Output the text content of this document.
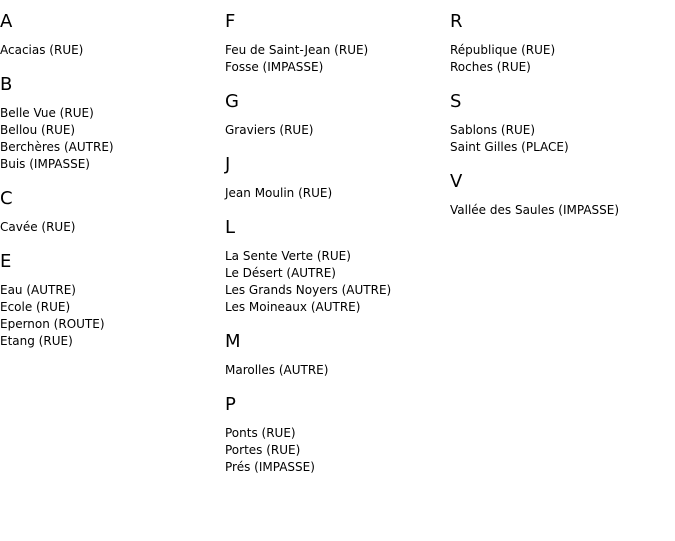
A
Acacias (RUE)
B
Belle Vue (RUE)
Bellou (RUE)
Berchères (AUTRE)
Buis (IMPASSE)
C
Cavée (RUE)
E
Eau (AUTRE)
Ecole (RUE)
Epernon (ROUTE)
Etang (RUE)
F
Feu de Saint-Jean (RUE)
Fosse (IMPASSE)
G
Graviers (RUE)
J
Jean Moulin (RUE)
L
La Sente Verte (RUE)
Le Désert (AUTRE)
Les Grands Noyers (AUTRE)
Les Moineaux (AUTRE)
M
Marolles (AUTRE)
P
Ponts (RUE)
Portes (RUE)
Prés (IMPASSE)
R
République (RUE)
Roches (RUE)
S
Sablons (RUE)
Saint Gilles (PLACE)
V
Vallée des Saules (IMPASSE)
